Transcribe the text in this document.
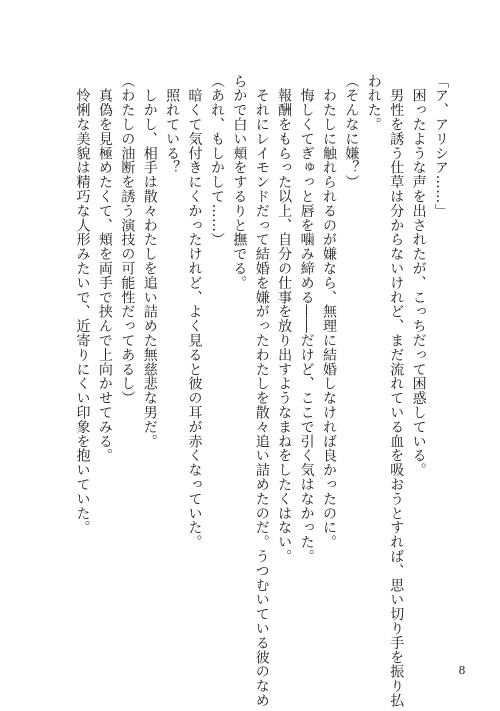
「ア、アリシア……」
　困ったような声を出されたが、こっちだって困惑している。
　男性を誘う仕草は分からないけれど、まだ流れている血を吸おうとすれば、思い切り手を振り払
われた。
（そんなに嫌？）
　わたしに触れられるのが嫌なら、無理に結婚しなければ良かったのに。
　悔しくてぎゅっと唇を噛み締める――だけど、ここで引く気はなかった。
　報酬をもらった以上、自分の仕事を放り出すようなまねをしたくはない。
　それにレイモンドだって結婚を嫌がったわたしを散々追い詰めたのだ。うつむいている彼のなめ
らかで白い頬をするりと撫でる。
（あれ、もしかして……）
　暗くて気付きにくかったけれど、よく見ると彼の耳が赤くなっていた。
　照れている？
　しかし、相手は散々わたしを追い詰めた無慈悲な男だ。
（わたしの油断を誘う演技の可能性だってあるし）
　真偽を見極めたくて、頬を両手で挟んで上向かせてみる。
　怜悧な美貌は精巧な人形みたいで、近寄りにくい印象を抱いていた。
8
